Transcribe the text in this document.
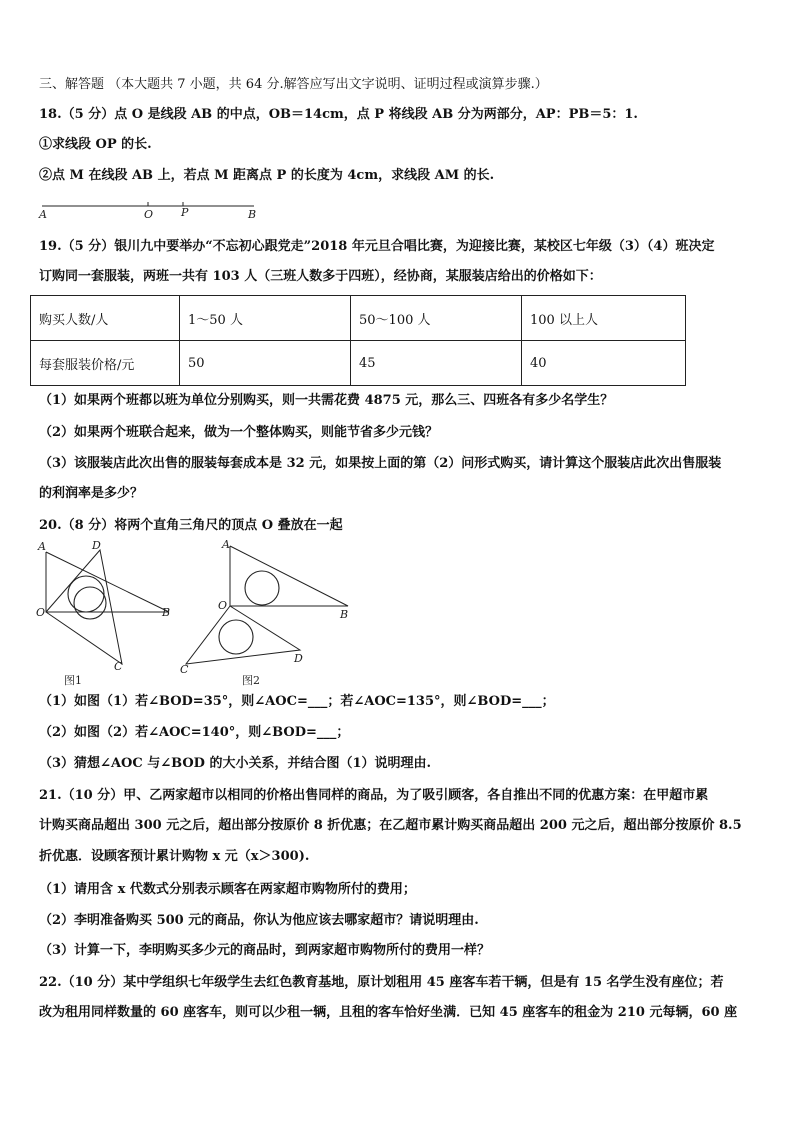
三、解答题 （本大题共 7 小题，共 64 分.解答应写出文字说明、证明过程或演算步骤.）
18.（5 分）点 O 是线段 AB 的中点，OB＝14cm，点 P 将线段 AB 分为两部分，AP：PB＝5：1.
①求线段 OP 的长.
②点 M 在线段 AB 上，若点 M 距离点 P 的长度为 4cm，求线段 AM 的长.
A	O	P	B
19.（5 分）银川九中要举办“不忘初心跟党走”2018 年元旦合唱比赛，为迎接比赛，某校区七年级（3）（4）班决定
订购同一套服装，两班一共有 103 人（三班人数多于四班），经协商，某服装店给出的价格如下：
购买人数/人	1～50 人	50～100 人	100 以上人
每套服装价格/元	50	45	40
（1）如果两个班都以班为单位分别购买，则一共需花费 4875 元，那么三、四班各有多少名学生？
（2）如果两个班联合起来，做为一个整体购买，则能节省多少元钱？
（3）该服装店此次出售的服装每套成本是 32 元，如果按上面的第（2）问形式购买，请计算这个服装店此次出售服装
的利润率是多少？
20.（8 分）将两个直角三角尺的顶点 O 叠放在一起
A	D
O	B
C
图1
A
O
B
C
D
图2
（1）如图（1）若∠BOD=35°，则∠AOC=___；若∠AOC=135°，则∠BOD=___；
（2）如图（2）若∠AOC=140°，则∠BOD=___；
（3）猜想∠AOC 与∠BOD 的大小关系，并结合图（1）说明理由.
21.（10 分）甲、乙两家超市以相同的价格出售同样的商品，为了吸引顾客，各自推出不同的优惠方案：在甲超市累
计购买商品超出 300 元之后，超出部分按原价 8 折优惠；在乙超市累计购买商品超出 200 元之后，超出部分按原价 8.5
折优惠．设顾客预计累计购物 x 元（x＞300).
（1）请用含 x 代数式分别表示顾客在两家超市购物所付的费用；
（2）李明准备购买 500 元的商品，你认为他应该去哪家超市？请说明理由.
（3）计算一下，李明购买多少元的商品时，到两家超市购物所付的费用一样？
22.（10 分）某中学组织七年级学生去红色教育基地，原计划租用 45 座客车若干辆，但是有 15 名学生没有座位；若
改为租用同样数量的 60 座客车，则可以少租一辆，且租的客车恰好坐满．已知 45 座客车的租金为 210 元每辆，60 座
